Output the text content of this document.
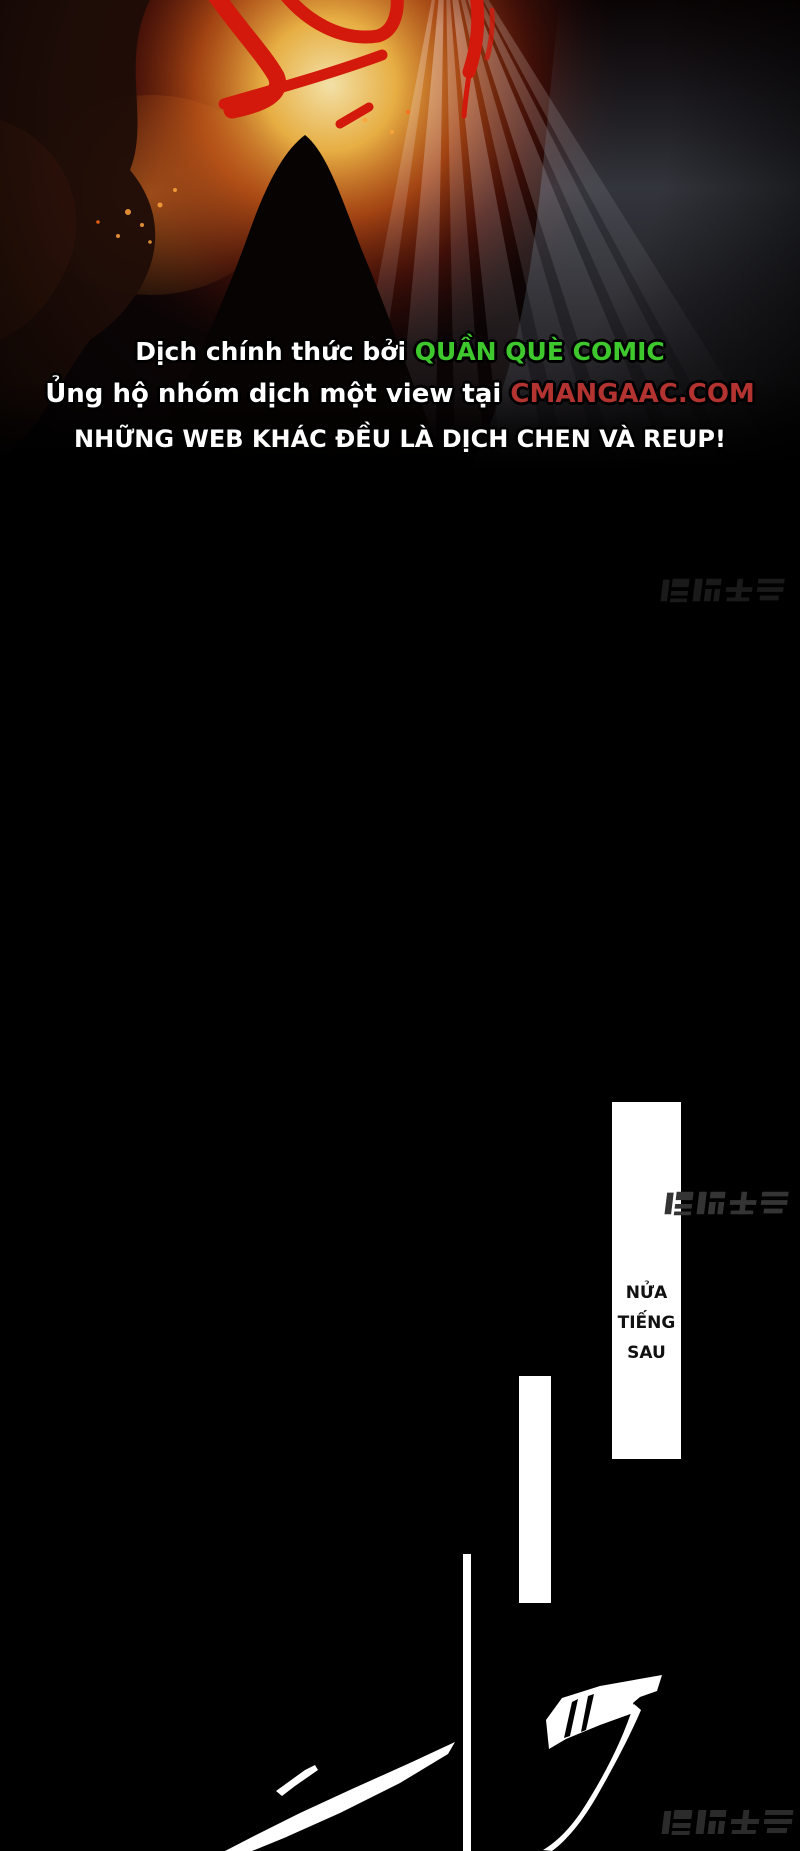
Dịch chính thức bởi QUẦN QUÈ COMIC
Ủng hộ nhóm dịch một view tại CMANGAAC.COM
NHỮNG WEB KHÁC ĐỀU LÀ DỊCH CHEN VÀ REUP!
NỬA
TIẾNG
SAU
